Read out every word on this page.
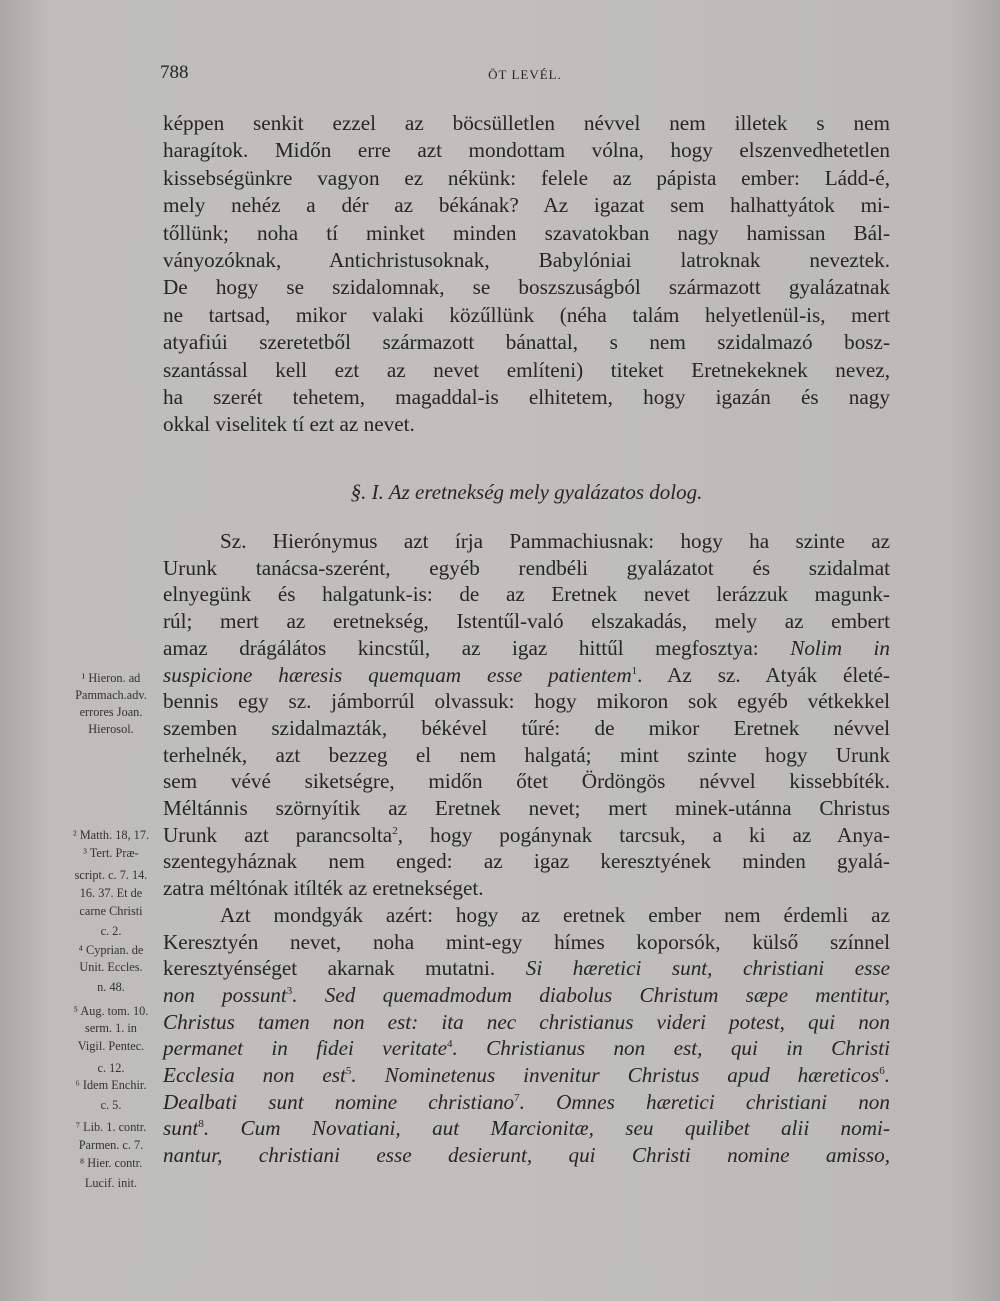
788	ÖT LEVÉL.
képpen senkit ezzel az böcsülletlen névvel nem illetek s nem
haragítok. Midőn erre azt mondottam vólna, hogy elszenvedhetetlen
kissebségünkre vagyon ez nékünk: felele az pápista ember: Ládd-é,
mely nehéz a dér az békának? Az igazat sem halhattyátok mi-
tőllünk; noha tí minket minden szavatokban nagy hamissan Bál-
ványozóknak, Antichristusoknak, Babylóniai latroknak neveztek.
De hogy se szidalomnak, se boszszuságból származott gyalázatnak
ne tartsad, mikor valaki közűllünk (néha talám helyetlenül-is, mert
atyafiúi szeretetből származott bánattal, s nem szidalmazó bosz-
szantással kell ezt az nevet említeni) titeket Eretnekeknek nevez,
ha szerét tehetem, magaddal-is elhitetem, hogy igazán és nagy
okkal viselitek tí ezt az nevet.
§. I. Az eretnekség mely gyalázatos dolog.
Sz. Hierónymus azt írja Pammachiusnak: hogy ha szinte az
Urunk tanácsa-szerént, egyéb rendbéli gyalázatot és szidalmat
elnyegünk és halgatunk-is: de az Eretnek nevet lerázzuk magunk-
rúl; mert az eretnekség, Istentűl-való elszakadás, mely az embert
amaz drágálátos kincstűl, az igaz hittűl megfosztya: Nolim in
suspicione hæresis quemquam esse patientem$^1$. Az sz. Atyák életé-
bennis egy sz. jámborrúl olvassuk: hogy mikoron sok egyéb vétkekkel
szemben szidalmazták, békével tűré: de mikor Eretnek névvel
terhelnék, azt bezzeg el nem halgatá; mint szinte hogy Urunk
sem vévé siketségre, midőn őtet Ördöngös névvel kissebbíték.
Méltánnis szörnyítik az Eretnek nevet; mert minek-utánna Christus
Urunk azt parancsolta$^2$, hogy pogánynak tarcsuk, a ki az Anya-
szentegyháznak nem enged: az igaz keresztyének minden gyalá-
zatra méltónak itílték az eretnekséget.
Azt mondgyák azért: hogy az eretnek ember nem érdemli az
Keresztyén nevet, noha mint-egy hímes koporsók, külső színnel
keresztyénséget akarnak mutatni. Si hæretici sunt, christiani esse
non possunt$^3$. Sed quemadmodum diabolus Christum sæpe mentitur,
Christus tamen non est: ita nec christianus videri potest, qui non
permanet in fidei veritate$^4$. Christianus non est, qui in Christi
Ecclesia non est$^5$. Nominetenus invenitur Christus apud hæreticos$^6$.
Dealbati sunt nomine christiano$^7$. Omnes hæretici christiani non
sunt$^8$. Cum Novatiani, aut Marcionitæ, seu quilibet alii nomi-
nantur, christiani esse desierunt, qui Christi nomine amisso,
¹ Hieron. ad
Pammach.adv.
errores Joan.
Hierosol.
² Matth. 18, 17.
³ Tert. Præ-
script. c. 7. 14.
16. 37. Et de
carne Christi
c. 2.
⁴ Cyprian. de
Unit. Eccles.
n. 48.
⁵ Aug. tom. 10.
serm. 1. in
Vigil. Pentec.
c. 12.
⁶ Idem Enchir.
c. 5.
⁷ Lib. 1. contr.
Parmen. c. 7.
⁸ Hier. contr.
Lucif. init.
